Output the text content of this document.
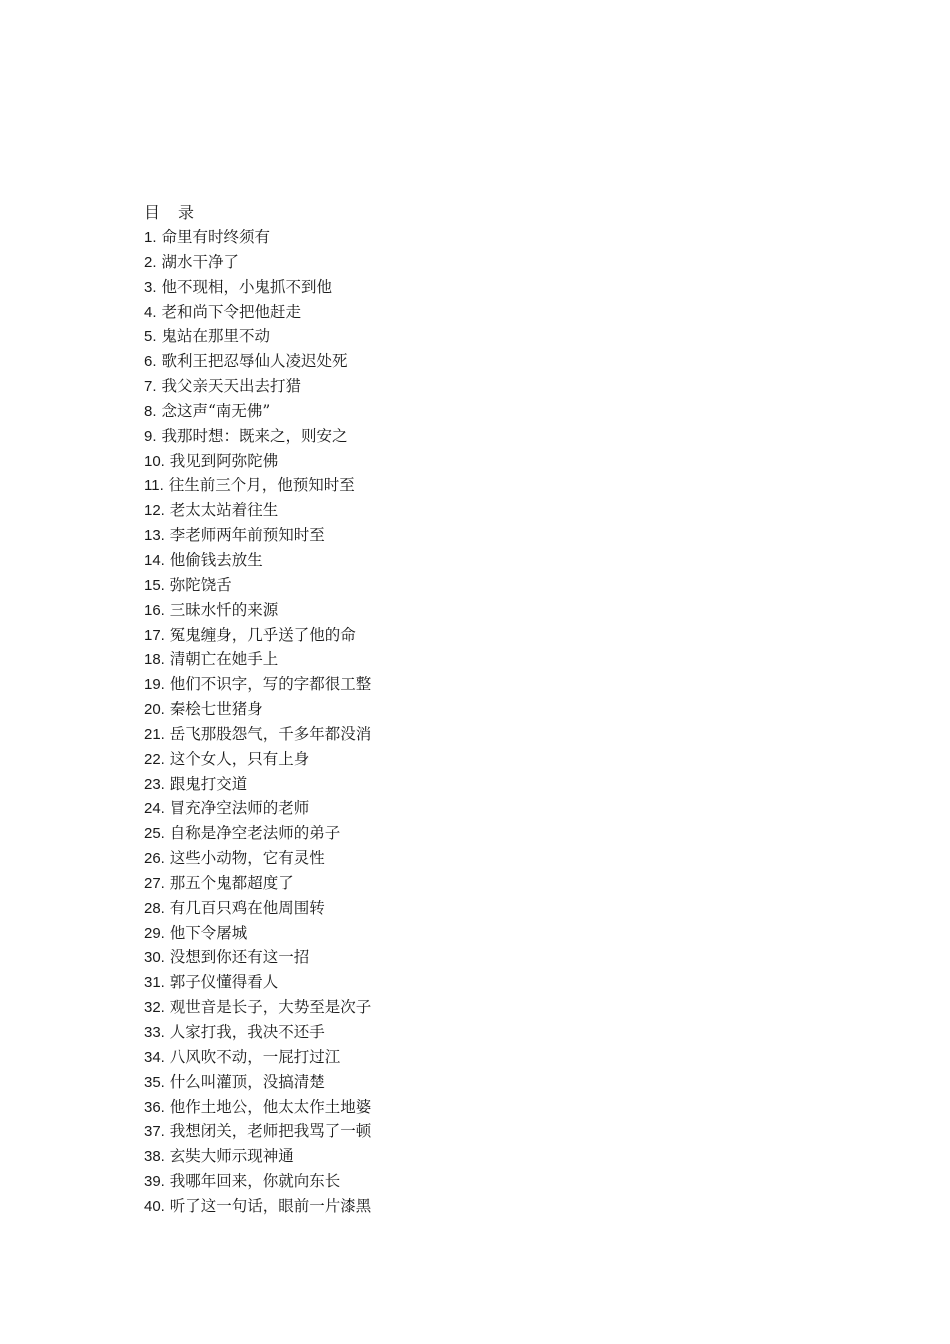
目 录
1. 命里有时终须有
2. 湖水干净了
3. 他不现相，小鬼抓不到他
4. 老和尚下令把他赶走
5. 鬼站在那里不动
6. 歌利王把忍辱仙人凌迟处死
7. 我父亲天天出去打猎
8. 念这声“南无佛”
9. 我那时想：既来之，则安之
10. 我见到阿弥陀佛
11. 往生前三个月，他预知时至
12. 老太太站着往生
13. 李老师两年前预知时至
14. 他偷钱去放生
15. 弥陀饶舌
16. 三昧水忏的来源
17. 冤鬼缠身，几乎送了他的命
18. 清朝亡在她手上
19. 他们不识字，写的字都很工整
20. 秦桧七世猪身
21. 岳飞那股怨气，千多年都没消
22. 这个女人，只有上身
23. 跟鬼打交道
24. 冒充净空法师的老师
25. 自称是净空老法师的弟子
26. 这些小动物，它有灵性
27. 那五个鬼都超度了
28. 有几百只鸡在他周围转
29. 他下令屠城
30. 没想到你还有这一招
31. 郭子仪懂得看人
32. 观世音是长子，大势至是次子
33. 人家打我，我决不还手
34. 八风吹不动，一屁打过江
35. 什么叫灌顶，没搞清楚
36. 他作土地公，他太太作土地婆
37. 我想闭关，老师把我骂了一顿
38. 玄奘大师示现神通
39. 我哪年回来，你就向东长
40. 听了这一句话，眼前一片漆黑
